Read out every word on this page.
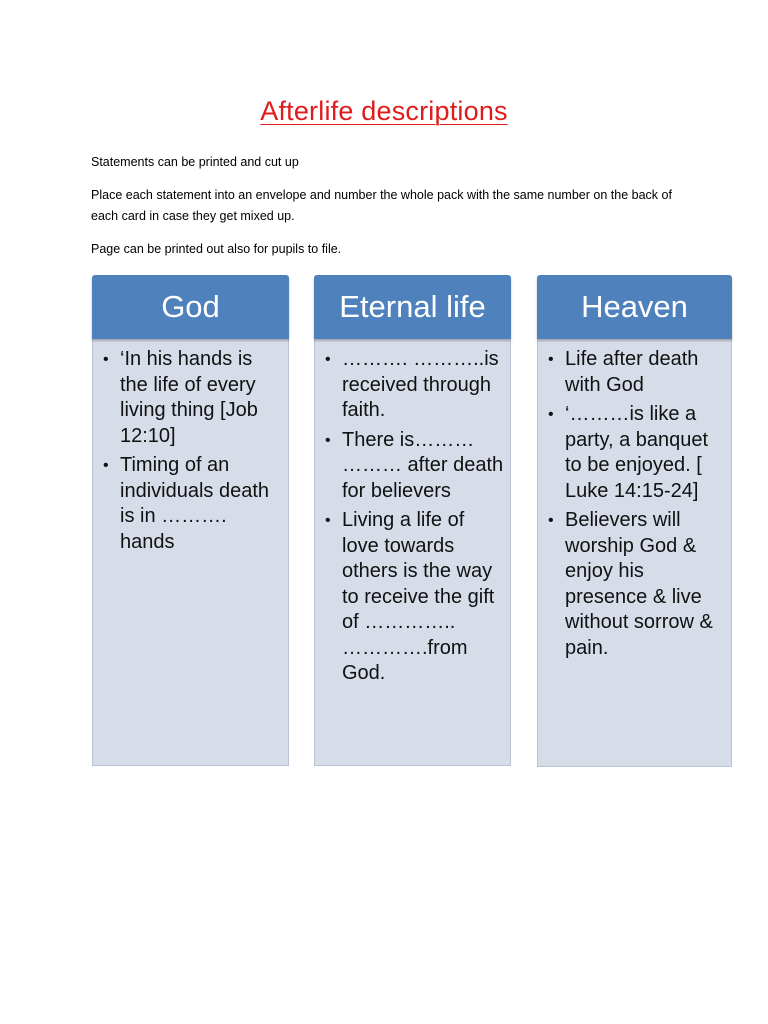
Afterlife descriptions

Statements can be printed and cut up

Place each statement into an envelope and number the whole pack with the same number on the back of each card in case they get mixed up.

Page can be printed out also for pupils to file.

God
• ‘In his hands is the life of every living thing [Job 12:10]
• Timing of an individuals death is in ………. hands
Eternal life
• ………. ………..is received through faith.
• There is……… ……… after death for believers
• Living a life of love towards others is the way to receive the gift of ………….. ………….from God.
Heaven
• Life after death with God
• ‘………is like a party, a banquet to be enjoyed. [ Luke 14:15-24]
• Believers will worship God & enjoy his presence & live without sorrow & pain.
